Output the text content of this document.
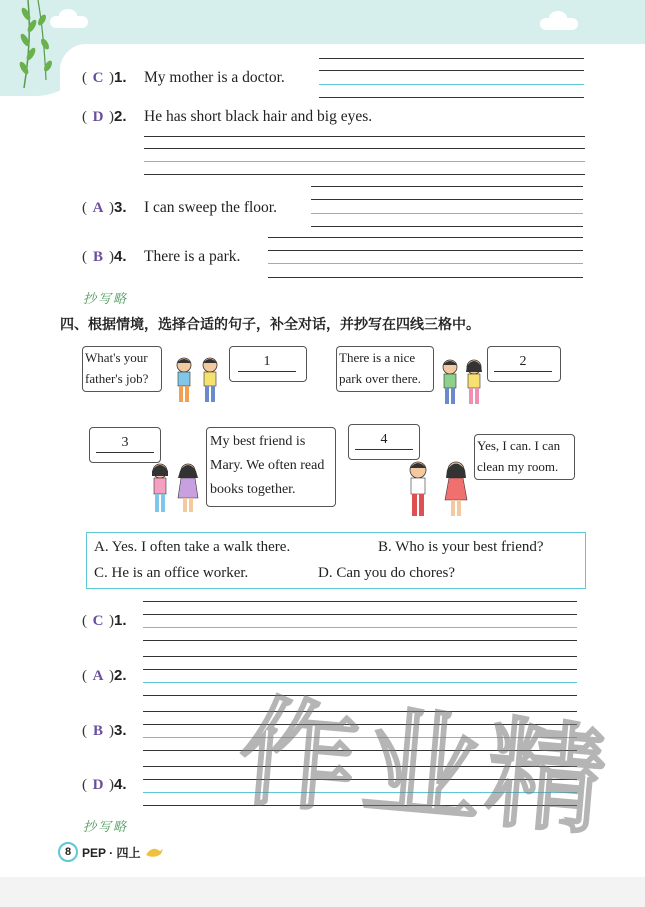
( C )1. My mother is a doctor.
( D )2. He has short black hair and big eyes.
( A )3. I can sweep the floor.
( B )4. There is a park.
抄写略
四、根据情境，选择合适的句子，补全对话，并抄写在四线三格中。
What's your father's job?
1	There is a nice park over there.
2
3	My best friend is Mary. We often read books together.
4	Yes, I can. I can clean my room.
A. Yes. I often take a walk there.	B. Who is your best friend?
C. He is an office worker.	D. Can you do chores?
( C )1.
( A )2.
( B )3.
( D )4.
抄写略 作业精
8 PEP · 四上
